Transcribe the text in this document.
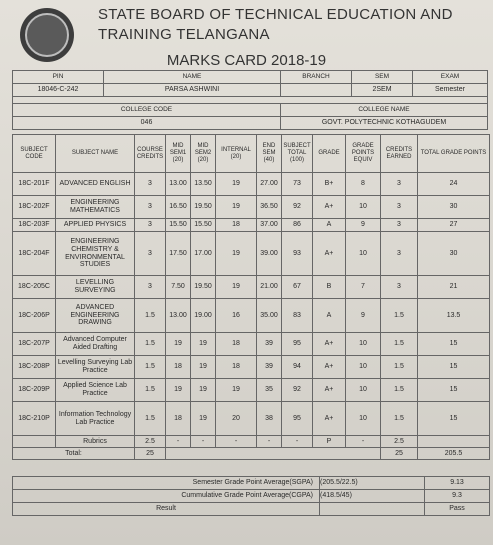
STATE BOARD OF TECHNICAL EDUCATION AND
TRAINING TELANGANA
MARKS CARD 2018-19
PIN	NAME	BRANCH	SEM	EXAM
18046-C-242	PARSA ASHWINI		2SEM	Semester

COLLEGE CODE		COLLEGE NAME		
046		GOVT. POLYTECHNIC KOTHAGUDEM		
SUBJECT CODE	SUBJECT NAME	COURSE CREDITS	MID SEM1 (20)	MID SEM2 (20)	INTERNAL (20)	END SEM (40)	SUBJECT TOTAL (100)	GRADE	GRADE POINTS EQUIV	CREDITS EARNED	TOTAL GRADE POINTS
18C-201F	ADVANCED ENGLISH	3	13.00	13.50	19	27.00	73	B+	8	3	24
18C-202F	ENGINEERING MATHEMATICS	3	16.50	19.50	19	36.50	92	A+	10	3	30
18C-203F	APPLIED PHYSICS	3	15.50	15.50	18	37.00	86	A	9	3	27
18C-204F	ENGINEERING CHEMISTRY & ENVIRONMENTAL STUDIES	3	17.50	17.00	19	39.00	93	A+	10	3	30
18C-205C	LEVELLING SURVEYING	3	7.50	19.50	19	21.00	67	B	7	3	21
18C-206P	ADVANCED ENGINEERING DRAWING	1.5	13.00	19.00	16	35.00	83	A	9	1.5	13.5
18C-207P	Advanced Computer Aided Drafting	1.5	19	19	18	39	95	A+	10	1.5	15
18C-208P	Levelling Surveying Lab Practice	1.5	18	19	18	39	94	A+	10	1.5	15
18C-209P	Applied Science Lab Practice	1.5	19	19	19	35	92	A+	10	1.5	15
18C-210P	Information Technology Lab Practice	1.5	18	19	20	38	95	A+	10	1.5	15
	Rubrics	2.5	-	-	-	-	-	P	-	2.5	
Total:		25								25	205.5
Semester Grade Point Average(SGPA)	(205.5/22.5)	9.13
Cummulative Grade Point Average(CGPA)	(418.5/45)	9.3
Result		Pass
